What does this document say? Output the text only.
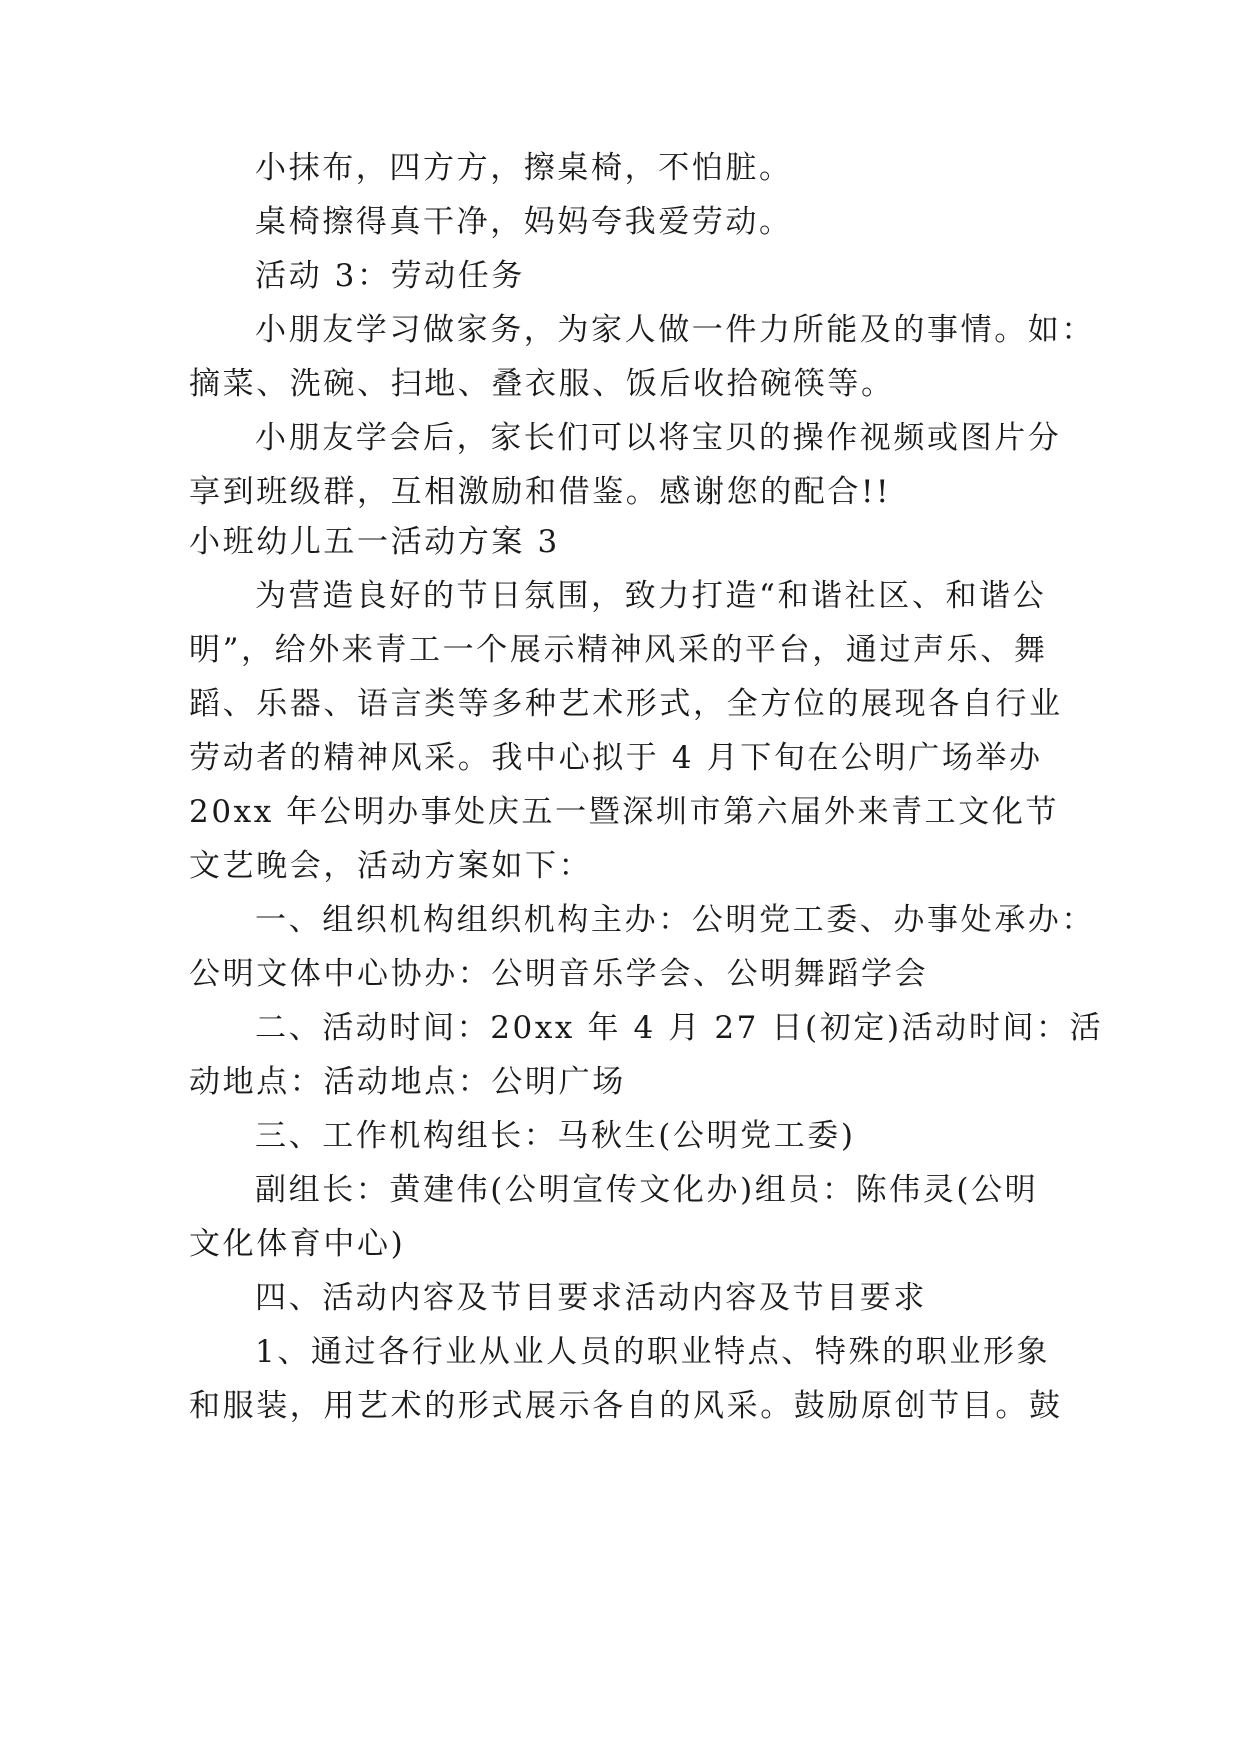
小抹布，四方方，擦桌椅，不怕脏。

桌椅擦得真干净，妈妈夸我爱劳动。

活动 3：劳动任务

小朋友学习做家务，为家人做一件力所能及的事情。如：

摘菜、洗碗、扫地、叠衣服、饭后收拾碗筷等。

小朋友学会后，家长们可以将宝贝的操作视频或图片分

享到班级群，互相激励和借鉴。感谢您的配合!!

小班幼儿五一活动方案 3

为营造良好的节日氛围，致力打造“和谐社区、和谐公

明”，给外来青工一个展示精神风采的平台，通过声乐、舞

蹈、乐器、语言类等多种艺术形式，全方位的展现各自行业

劳动者的精神风采。我中心拟于 4 月下旬在公明广场举办

20xx 年公明办事处庆五一暨深圳市第六届外来青工文化节

文艺晚会，活动方案如下：

一、组织机构组织机构主办：公明党工委、办事处承办：

公明文体中心协办：公明音乐学会、公明舞蹈学会

二、活动时间：20xx 年 4 月 27 日(初定)活动时间：活

动地点：活动地点：公明广场

三、工作机构组长：马秋生(公明党工委)

副组长：黄建伟(公明宣传文化办)组员：陈伟灵(公明

文化体育中心)

四、活动内容及节目要求活动内容及节目要求

1、通过各行业从业人员的职业特点、特殊的职业形象

和服装，用艺术的形式展示各自的风采。鼓励原创节目。鼓
